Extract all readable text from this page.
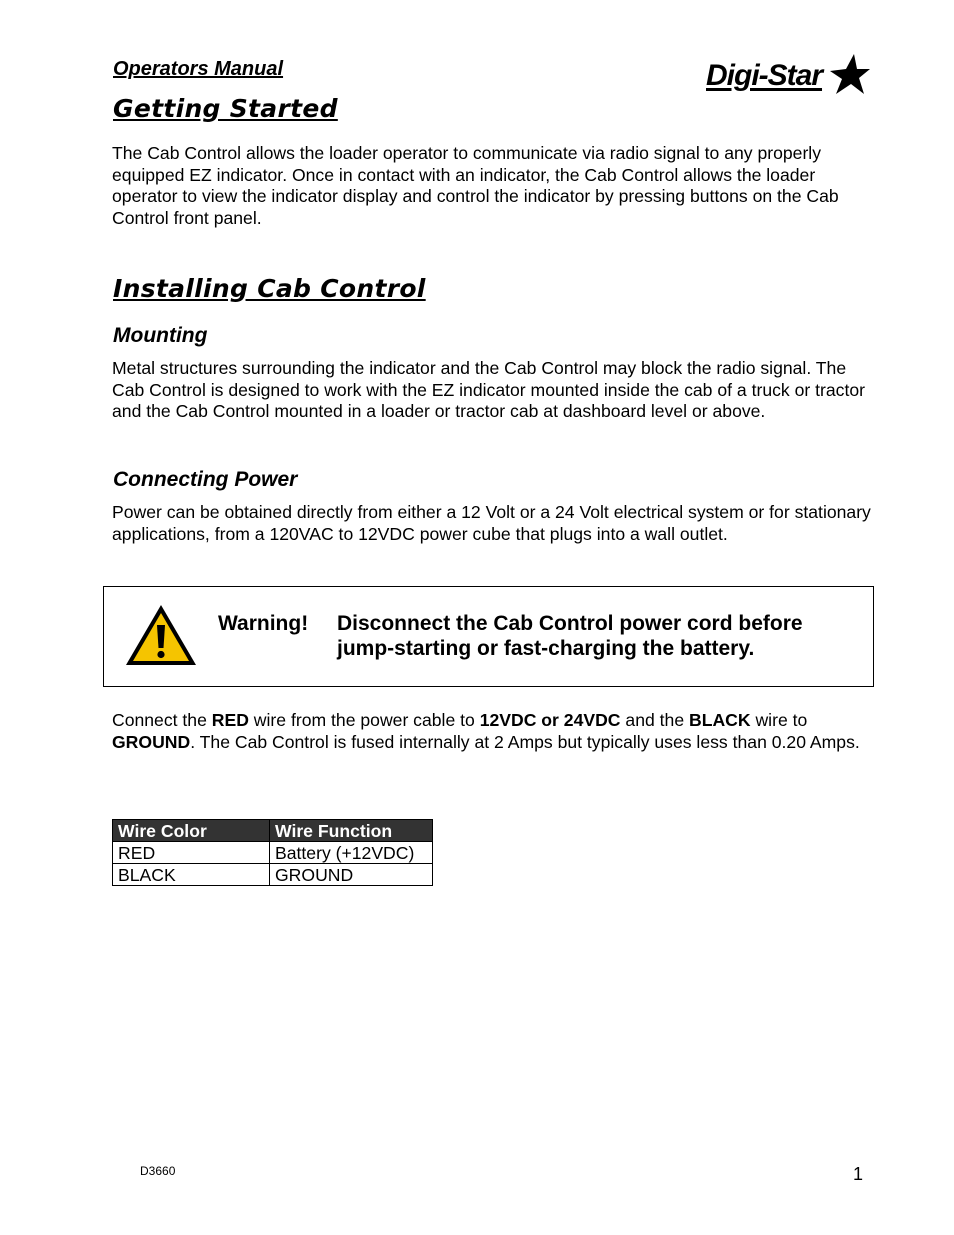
Operators Manual	Digi-Star
Getting Started

The Cab Control allows the loader operator to communicate via radio signal to any properly equipped EZ indicator. Once in contact with an indicator, the Cab Control allows the loader operator to view the indicator display and control the indicator by pressing buttons on the Cab Control front panel.

Installing Cab Control
Mounting

Metal structures surrounding the indicator and the Cab Control may block the radio signal. The Cab Control is designed to work with the EZ indicator mounted inside the cab of a truck or tractor and the Cab Control mounted in a loader or tractor cab at dashboard level or above.

Connecting Power

Power can be obtained directly from either a 12 Volt or a 24 Volt electrical system or for stationary applications, from a 120VAC to 12VDC power cube that plugs into a wall outlet.

Warning! Disconnect the Cab Control power cord before jump-starting or fast-charging the battery.

Connect the RED wire from the power cable to 12VDC or 24VDC and the BLACK wire to GROUND. The Cab Control is fused internally at 2 Amps but typically uses less than 0.20 Amps.

Wire Color	Wire Function
RED	Battery (+12VDC)
BLACK	GROUND
D3660	1
